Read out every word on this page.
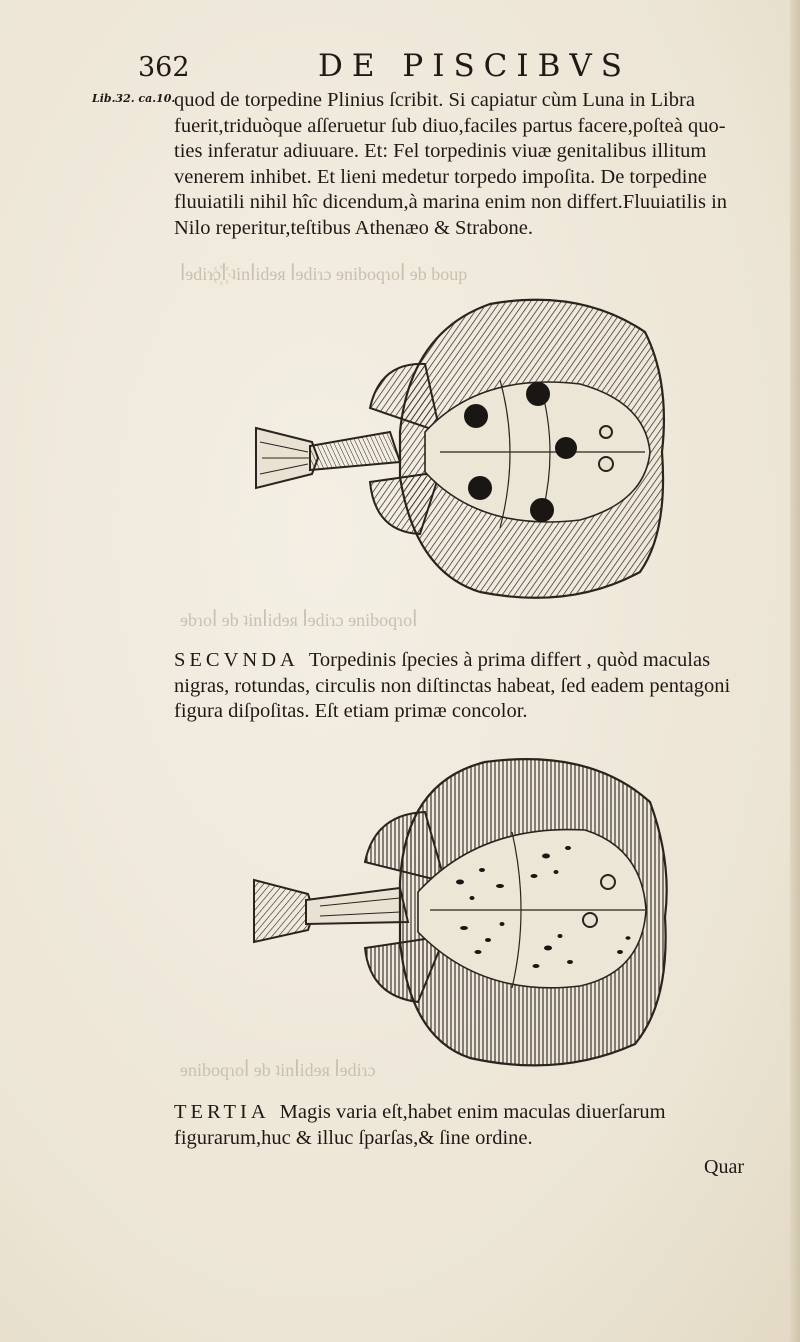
ꟾɘdiɿɔ꙰ꟾ ʇinꟾidɘᴙ ꟾɘdiɿɔ ɘniboqɿoꟾ ɘb boup
ɘbɿoꟾ ɘb ʇinꟾidɘᴙ ꟾɘdiɿɔ ɘniboqɿoꟾ
ɘniboqɿoꟾ ɘb ʇinꟾidɘᴙ ꟾɘdiɿɔ
362	DE PISCIBVS
Lib.32. ca.10.
quod de torpedine Plinius ſcribit. Si capiatur cùm Luna in Libra
fuerit,triduòque aſſeruetur ſub diuo,faciles partus facere,poſteà quo-
ties inferatur adiuuare. Et: Fel torpedinis viuæ genitalibus illitum
venerem inhibet. Et lieni medetur torpedo impoſita. De torpedine
fluuiatili nihil hîc dicendum,à marina enim non differt.Fluuiatilis in
Nilo reperitur,teſtibus Athenæo & Strabone.
SECVNDA Torpedinis ſpecies à prima differt , quòd maculas nigras, rotundas, circulis non diſtinctas habeat, ſed eadem pentagoni figura diſpoſitas. Eſt etiam primæ concolor.
TERTIA Magis varia eſt,habet enim maculas diuerſarum figurarum,huc & illuc ſparſas,& ſine ordine.
Quar
